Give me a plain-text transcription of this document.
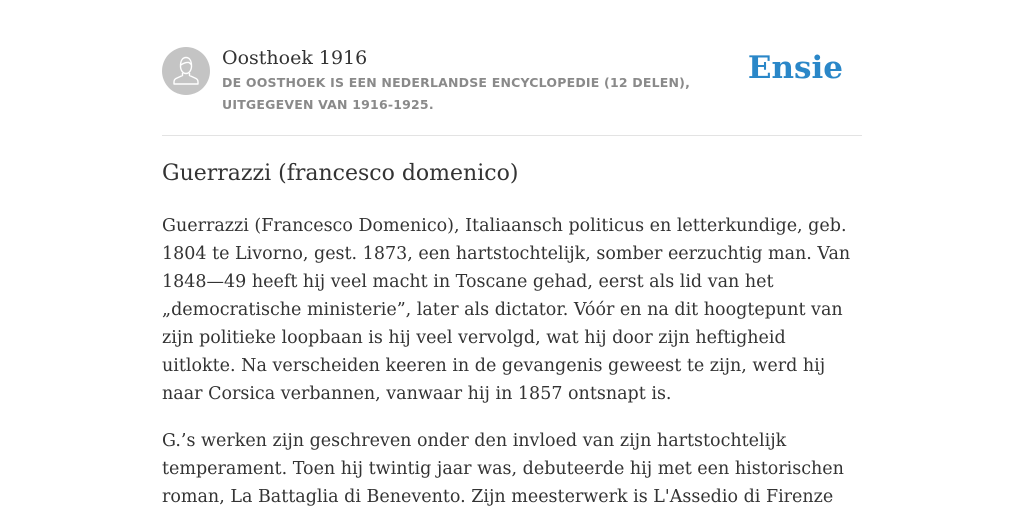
Oosthoek 1916
DE OOSTHOEK IS EEN NEDERLANDSE ENCYCLOPEDIE (12 DELEN), UITGEGEVEN VAN 1916-1925.
Ensie
Guerrazzi (francesco domenico)

Guerrazzi (Francesco Domenico), Italiaansch politicus en letterkundige, geb. 1804 te Livorno, gest. 1873, een hartstochtelijk, somber eerzuchtig man. Van 1848—49 heeft hij veel macht in Toscane gehad, eerst als lid van het „democratische ministerie”, later als dictator. Vóór en na dit hoogtepunt van zijn politieke loopbaan is hij veel vervolgd, wat hij door zijn heftigheid uitlokte. Na verscheiden keeren in de gevangenis geweest te zijn, werd hij naar Corsica verbannen, vanwaar hij in 1857 ontsnapt is.

G.’s werken zijn geschreven onder den invloed van zijn hartstochtelijk temperament. Toen hij twintig jaar was, debuteerde hij met een historischen roman, La Battaglia di Benevento. Zijn meesterwerk is L'Assedio di Firenze
